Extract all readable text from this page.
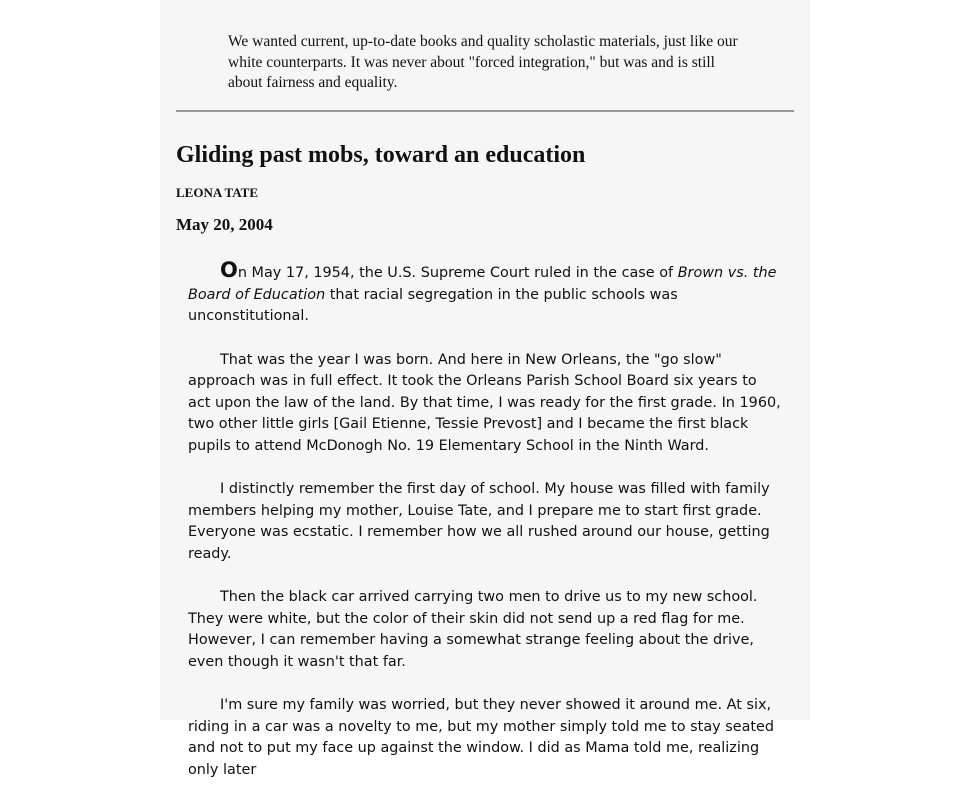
We wanted current, up-to-date books and quality scholastic materials, just like our white counterparts. It was never about "forced integration," but was and is still about fairness and equality.
Gliding past mobs, toward an education
LEONA TATE
May 20, 2004

On May 17, 1954, the U.S. Supreme Court ruled in the case of Brown vs. the Board of Education that racial segregation in the public schools was unconstitutional.

That was the year I was born. And here in New Orleans, the "go slow" approach was in full effect. It took the Orleans Parish School Board six years to act upon the law of the land. By that time, I was ready for the first grade. In 1960, two other little girls [Gail Etienne, Tessie Prevost] and I became the first black pupils to attend McDonogh No. 19 Elementary School in the Ninth Ward.

I distinctly remember the first day of school. My house was filled with family members helping my mother, Louise Tate, and I prepare me to start first grade. Everyone was ecstatic. I remember how we all rushed around our house, getting ready.

Then the black car arrived carrying two men to drive us to my new school. They were white, but the color of their skin did not send up a red flag for me. However, I can remember having a somewhat strange feeling about the drive, even though it wasn't that far.

I'm sure my family was worried, but they never showed it around me. At six, riding in a car was a novelty to me, but my mother simply told me to stay seated and not to put my face up against the window. I did as Mama told me, realizing only later
